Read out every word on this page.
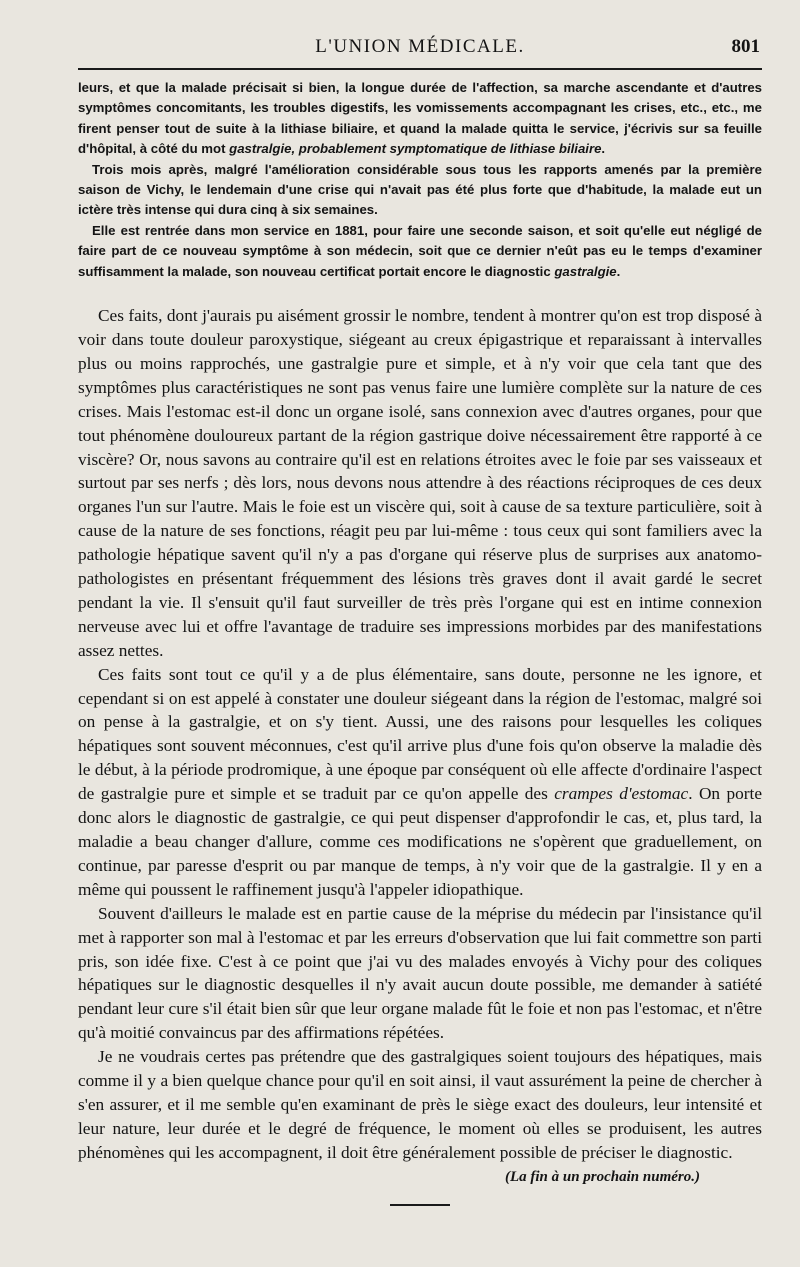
L'UNION MÉDICALE.	801

leurs, et que la malade précisait si bien, la longue durée de l'affection, sa marche ascendante et d'autres symptômes concomitants, les troubles digestifs, les vomissements accompagnant les crises, etc., etc., me firent penser tout de suite à la lithiase biliaire, et quand la malade quitta le service, j'écrivis sur sa feuille d'hôpital, à côté du mot gastralgie, probablement symptomatique de lithiase biliaire.

Trois mois après, malgré l'amélioration considérable sous tous les rapports amenés par la première saison de Vichy, le lendemain d'une crise qui n'avait pas été plus forte que d'habitude, la malade eut un ictère très intense qui dura cinq à six semaines.

Elle est rentrée dans mon service en 1881, pour faire une seconde saison, et soit qu'elle eut négligé de faire part de ce nouveau symptôme à son médecin, soit que ce dernier n'eût pas eu le temps d'examiner suffisamment la malade, son nouveau certificat portait encore le diagnostic gastralgie.

Ces faits, dont j'aurais pu aisément grossir le nombre, tendent à montrer qu'on est trop disposé à voir dans toute douleur paroxystique, siégeant au creux épigastrique et reparaissant à intervalles plus ou moins rapprochés, une gastralgie pure et simple, et à n'y voir que cela tant que des symptômes plus caractéristiques ne sont pas venus faire une lumière complète sur la nature de ces crises. Mais l'estomac est-il donc un organe isolé, sans connexion avec d'autres organes, pour que tout phénomène douloureux partant de la région gastrique doive nécessairement être rapporté à ce viscère? Or, nous savons au contraire qu'il est en relations étroites avec le foie par ses vaisseaux et surtout par ses nerfs ; dès lors, nous devons nous attendre à des réactions réciproques de ces deux organes l'un sur l'autre. Mais le foie est un viscère qui, soit à cause de sa texture particulière, soit à cause de la nature de ses fonctions, réagit peu par lui-même : tous ceux qui sont familiers avec la pathologie hépatique savent qu'il n'y a pas d'organe qui réserve plus de surprises aux anatomo-pathologistes en présentant fréquemment des lésions très graves dont il avait gardé le secret pendant la vie. Il s'ensuit qu'il faut surveiller de très près l'organe qui est en intime connexion nerveuse avec lui et offre l'avantage de traduire ses impressions morbides par des manifestations assez nettes.

Ces faits sont tout ce qu'il y a de plus élémentaire, sans doute, personne ne les ignore, et cependant si on est appelé à constater une douleur siégeant dans la région de l'estomac, malgré soi on pense à la gastralgie, et on s'y tient. Aussi, une des raisons pour lesquelles les coliques hépatiques sont souvent méconnues, c'est qu'il arrive plus d'une fois qu'on observe la maladie dès le début, à la période prodromique, à une époque par conséquent où elle affecte d'ordinaire l'aspect de gastralgie pure et simple et se traduit par ce qu'on appelle des crampes d'estomac. On porte donc alors le diagnostic de gastralgie, ce qui peut dispenser d'approfondir le cas, et, plus tard, la maladie a beau changer d'allure, comme ces modifications ne s'opèrent que graduellement, on continue, par paresse d'esprit ou par manque de temps, à n'y voir que de la gastralgie. Il y en a même qui poussent le raffinement jusqu'à l'appeler idiopathique.

Souvent d'ailleurs le malade est en partie cause de la méprise du médecin par l'insistance qu'il met à rapporter son mal à l'estomac et par les erreurs d'observation que lui fait commettre son parti pris, son idée fixe. C'est à ce point que j'ai vu des malades envoyés à Vichy pour des coliques hépatiques sur le diagnostic desquelles il n'y avait aucun doute possible, me demander à satiété pendant leur cure s'il était bien sûr que leur organe malade fût le foie et non pas l'estomac, et n'être qu'à moitié convaincus par des affirmations répétées.

Je ne voudrais certes pas prétendre que des gastralgiques soient toujours des hépatiques, mais comme il y a bien quelque chance pour qu'il en soit ainsi, il vaut assurément la peine de chercher à s'en assurer, et il me semble qu'en examinant de près le siège exact des douleurs, leur intensité et leur nature, leur durée et le degré de fréquence, le moment où elles se produisent, les autres phénomènes qui les accompagnent, il doit être généralement possible de préciser le diagnostic.

(La fin à un prochain numéro.)
